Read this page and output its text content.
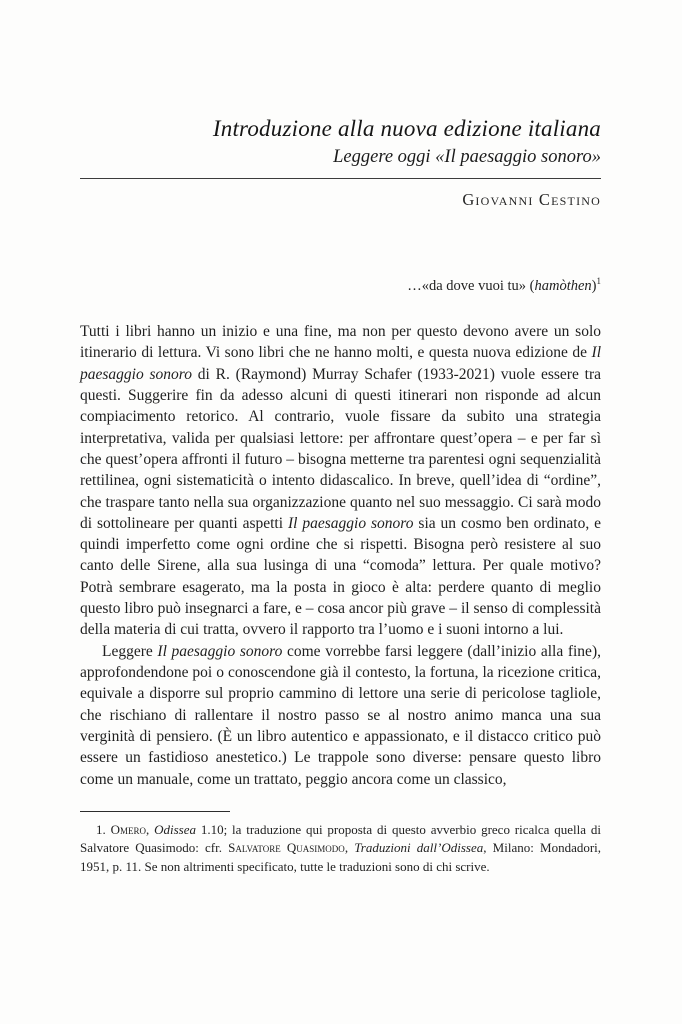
Introduzione alla nuova edizione italiana
Leggere oggi «Il paesaggio sonoro»
Giovanni Cestino
…«da dove vuoi tu» (hamòthen)$^1$

Tutti i libri hanno un inizio e una fine, ma non per questo devono avere un solo itinerario di lettura. Vi sono libri che ne hanno molti, e questa nuova edizione de Il paesaggio sonoro di R. (Raymond) Murray Schafer (1933-2021) vuole essere tra questi. Suggerire fin da adesso alcuni di questi itinerari non risponde ad alcun compiacimento retorico. Al contrario, vuole fissare da subito una strategia interpretativa, valida per qualsiasi lettore: per affrontare quest’opera – e per far sì che quest’opera affronti il futuro – bisogna metterne tra parentesi ogni sequenzialità rettilinea, ogni sistematicità o intento didascalico. In breve, quell’idea di “ordine”, che traspare tanto nella sua organizzazione quanto nel suo messaggio. Ci sarà modo di sottolineare per quanti aspetti Il paesaggio sonoro sia un cosmo ben ordinato, e quindi imperfetto come ogni ordine che si rispetti. Bisogna però resistere al suo canto delle Sirene, alla sua lusinga di una “comoda” lettura. Per quale motivo? Potrà sembrare esagerato, ma la posta in gioco è alta: perdere quanto di meglio questo libro può insegnarci a fare, e – cosa ancor più grave – il senso di complessità della materia di cui tratta, ovvero il rapporto tra l’uomo e i suoni intorno a lui.

Leggere Il paesaggio sonoro come vorrebbe farsi leggere (dall’inizio alla fine), approfondendone poi o conoscendone già il contesto, la fortuna, la ricezione critica, equivale a disporre sul proprio cammino di lettore una serie di pericolose tagliole, che rischiano di rallentare il nostro passo se al nostro animo manca una sua verginità di pensiero. (È un libro autentico e appassionato, e il distacco critico può essere un fastidioso anestetico.) Le trappole sono diverse: pensare questo libro come un manuale, come un trattato, peggio ancora come un classico,

1. Omero, Odissea 1.10; la traduzione qui proposta di questo avverbio greco ricalca quella di Salvatore Quasimodo: cfr. Salvatore Quasimodo, Traduzioni dall’Odissea, Milano: Mondadori, 1951, p. 11. Se non altrimenti specificato, tutte le traduzioni sono di chi scrive.
